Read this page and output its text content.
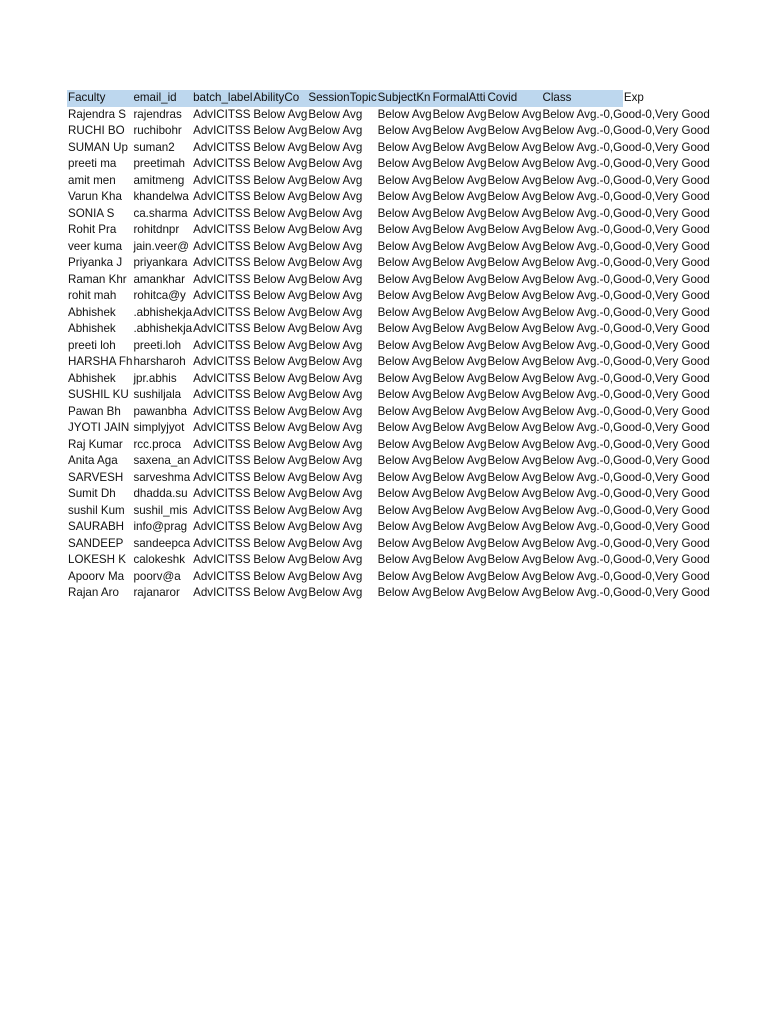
Faculty	email_id	batch_label	AbilityCo	SessionTopic	SubjectKn	FormalAtti	Covid	Class	Exp
Rajendra S	rajendras	AdvICITSS	Below Avg	Below Avg	Below Avg	Below Avg	Below Avg	Below Avg.-0,Good-0,Very Good	
RUCHI BO	ruchibohr	AdvICITSS	Below Avg	Below Avg	Below Avg	Below Avg	Below Avg	Below Avg.-0,Good-0,Very Good	
SUMAN Up	suman2	AdvICITSS	Below Avg	Below Avg	Below Avg	Below Avg	Below Avg	Below Avg.-0,Good-0,Very Good	
preeti ma	preetimah	AdvICITSS	Below Avg	Below Avg	Below Avg	Below Avg	Below Avg	Below Avg.-0,Good-0,Very Good	
amit men	amitmeng	AdvICITSS	Below Avg	Below Avg	Below Avg	Below Avg	Below Avg	Below Avg.-0,Good-0,Very Good	
Varun Kha	khandelwa	AdvICITSS	Below Avg	Below Avg	Below Avg	Below Avg	Below Avg	Below Avg.-0,Good-0,Very Good	
SONIA S	ca.sharma	AdvICITSS	Below Avg	Below Avg	Below Avg	Below Avg	Below Avg	Below Avg.-0,Good-0,Very Good	
Rohit Pra	rohitdnpr	AdvICITSS	Below Avg	Below Avg	Below Avg	Below Avg	Below Avg	Below Avg.-0,Good-0,Very Good	
veer kuma	jain.veer@	AdvICITSS	Below Avg	Below Avg	Below Avg	Below Avg	Below Avg	Below Avg.-0,Good-0,Very Good	
Priyanka J	priyankara	AdvICITSS	Below Avg	Below Avg	Below Avg	Below Avg	Below Avg	Below Avg.-0,Good-0,Very Good	
Raman Khr	amankhar	AdvICITSS	Below Avg	Below Avg	Below Avg	Below Avg	Below Avg	Below Avg.-0,Good-0,Very Good	
rohit mah	rohitca@y	AdvICITSS	Below Avg	Below Avg	Below Avg	Below Avg	Below Avg	Below Avg.-0,Good-0,Very Good	
Abhishek	.abhishekja	AdvICITSS	Below Avg	Below Avg	Below Avg	Below Avg	Below Avg	Below Avg.-0,Good-0,Very Good	
Abhishek	.abhishekja	AdvICITSS	Below Avg	Below Avg	Below Avg	Below Avg	Below Avg	Below Avg.-0,Good-0,Very Good	
preeti loh	preeti.loh	AdvICITSS	Below Avg	Below Avg	Below Avg	Below Avg	Below Avg	Below Avg.-0,Good-0,Very Good	
HARSHA Fh	harsharoh	AdvICITSS	Below Avg	Below Avg	Below Avg	Below Avg	Below Avg	Below Avg.-0,Good-0,Very Good	
Abhishek	jpr.abhis	AdvICITSS	Below Avg	Below Avg	Below Avg	Below Avg	Below Avg	Below Avg.-0,Good-0,Very Good	
SUSHIL KU	sushiljala	AdvICITSS	Below Avg	Below Avg	Below Avg	Below Avg	Below Avg	Below Avg.-0,Good-0,Very Good	
Pawan Bh	pawanbha	AdvICITSS	Below Avg	Below Avg	Below Avg	Below Avg	Below Avg	Below Avg.-0,Good-0,Very Good	
JYOTI JAIN	simplyjyot	AdvICITSS	Below Avg	Below Avg	Below Avg	Below Avg	Below Avg	Below Avg.-0,Good-0,Very Good	
Raj Kumar	rcc.proca	AdvICITSS	Below Avg	Below Avg	Below Avg	Below Avg	Below Avg	Below Avg.-0,Good-0,Very Good	
Anita Aga	saxena_an	AdvICITSS	Below Avg	Below Avg	Below Avg	Below Avg	Below Avg	Below Avg.-0,Good-0,Very Good	
SARVESH	sarveshma	AdvICITSS	Below Avg	Below Avg	Below Avg	Below Avg	Below Avg	Below Avg.-0,Good-0,Very Good	
Sumit Dh	dhadda.su	AdvICITSS	Below Avg	Below Avg	Below Avg	Below Avg	Below Avg	Below Avg.-0,Good-0,Very Good	
sushil Kum	sushil_mis	AdvICITSS	Below Avg	Below Avg	Below Avg	Below Avg	Below Avg	Below Avg.-0,Good-0,Very Good	
SAURABH	info@prag	AdvICITSS	Below Avg	Below Avg	Below Avg	Below Avg	Below Avg	Below Avg.-0,Good-0,Very Good	
SANDEEP	sandeepca	AdvICITSS	Below Avg	Below Avg	Below Avg	Below Avg	Below Avg	Below Avg.-0,Good-0,Very Good	
LOKESH K	calokeshk	AdvICITSS	Below Avg	Below Avg	Below Avg	Below Avg	Below Avg	Below Avg.-0,Good-0,Very Good	
Apoorv Ma	poorv@a	AdvICITSS	Below Avg	Below Avg	Below Avg	Below Avg	Below Avg	Below Avg.-0,Good-0,Very Good	
Rajan Aro	rajanaror	AdvICITSS	Below Avg	Below Avg	Below Avg	Below Avg	Below Avg	Below Avg.-0,Good-0,Very Good	
